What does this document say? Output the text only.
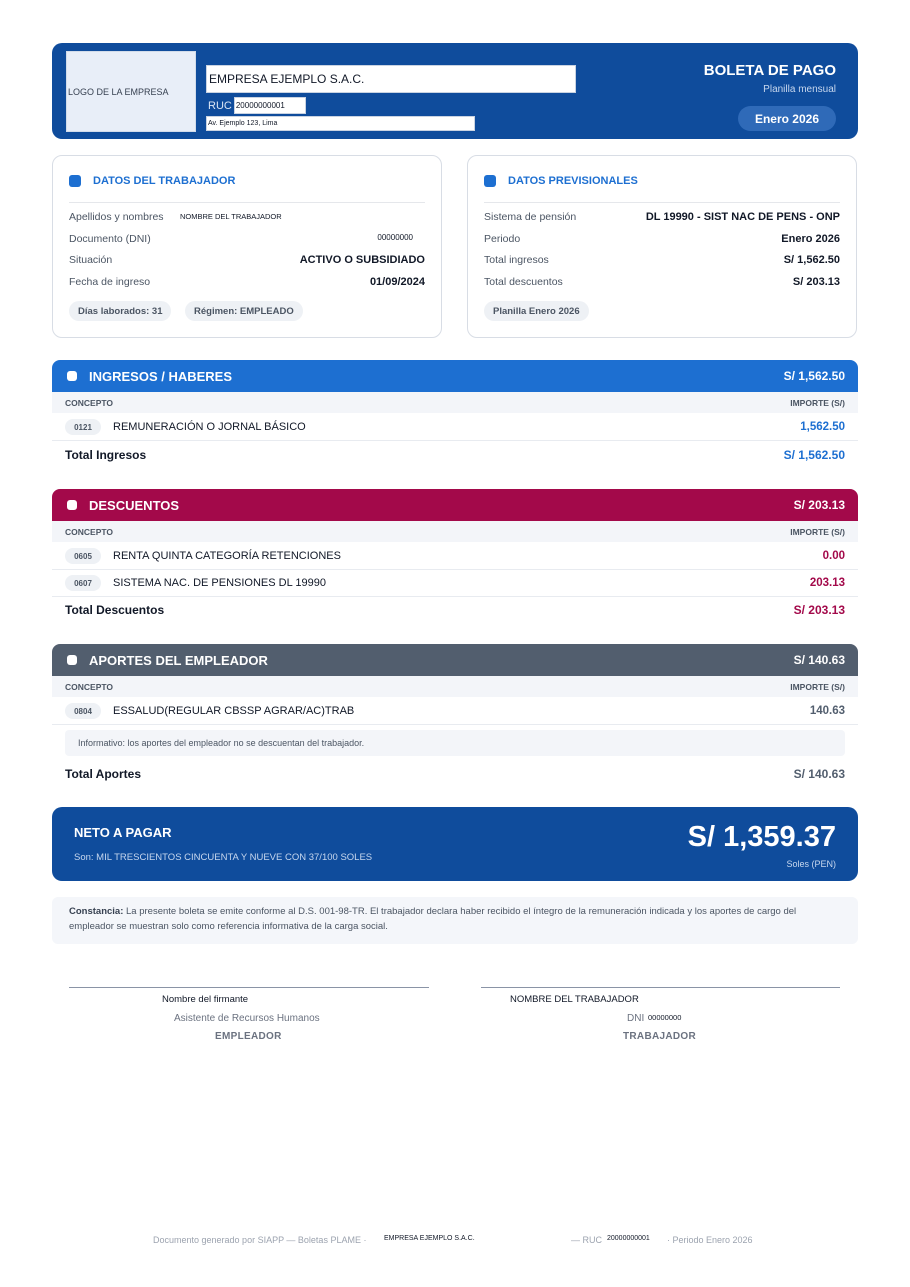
LOGO DE LA EMPRESA
EMPRESA EJEMPLO S.A.C.
RUC 20000000001
Av. Ejemplo 123, Lima
BOLETA DE PAGO
Planilla mensual
Enero 2026
DATOS DEL TRABAJADOR
Apellidos y nombres NOMBRE DEL TRABAJADOR
Documento (DNI)	00000000
Situación	ACTIVO O SUBSIDIADO
Fecha de ingreso	01/09/2024
Días laborados: 31	Régimen: EMPLEADO
DATOS PREVISIONALES
Sistema de pensión	DL 19990 - SIST NAC DE PENS - ONP
Periodo	Enero 2026
Total ingresos	S/ 1,562.50
Total descuentos	S/ 203.13
Planilla Enero 2026
INGRESOS / HABERES	S/ 1,562.50
CONCEPTO	IMPORTE (S/)
0121	REMUNERACIÓN O JORNAL BÁSICO	1,562.50
Total Ingresos	S/ 1,562.50
DESCUENTOS	S/ 203.13
CONCEPTO	IMPORTE (S/)
0605	RENTA QUINTA CATEGORÍA RETENCIONES	0.00
0607	SISTEMA NAC. DE PENSIONES DL 19990	203.13
Total Descuentos	S/ 203.13
APORTES DEL EMPLEADOR	S/ 140.63
CONCEPTO	IMPORTE (S/)
0804	ESSALUD(REGULAR CBSSP AGRAR/AC)TRAB	140.63
Informativo: los aportes del empleador no se descuentan del trabajador.
Total Aportes	S/ 140.63
NETO A PAGAR
Son: MIL TRESCIENTOS CINCUENTA Y NUEVE CON 37/100 SOLES
S/ 1,359.37
Soles (PEN)
Constancia: La presente boleta se emite conforme al D.S. 001-98-TR. El trabajador declara haber recibido el íntegro de la remuneración indicada y los aportes de cargo del empleador se muestran solo como referencia informativa de la carga social.
Nombre del firmante
Asistente de Recursos Humanos
EMPLEADOR
NOMBRE DEL TRABAJADOR
DNI 00000000
TRABAJADOR
Documento generado por SIAPP — Boletas PLAME ·	EMPRESA EJEMPLO S.A.C.	— RUC 20000000001 · Periodo Enero 2026
